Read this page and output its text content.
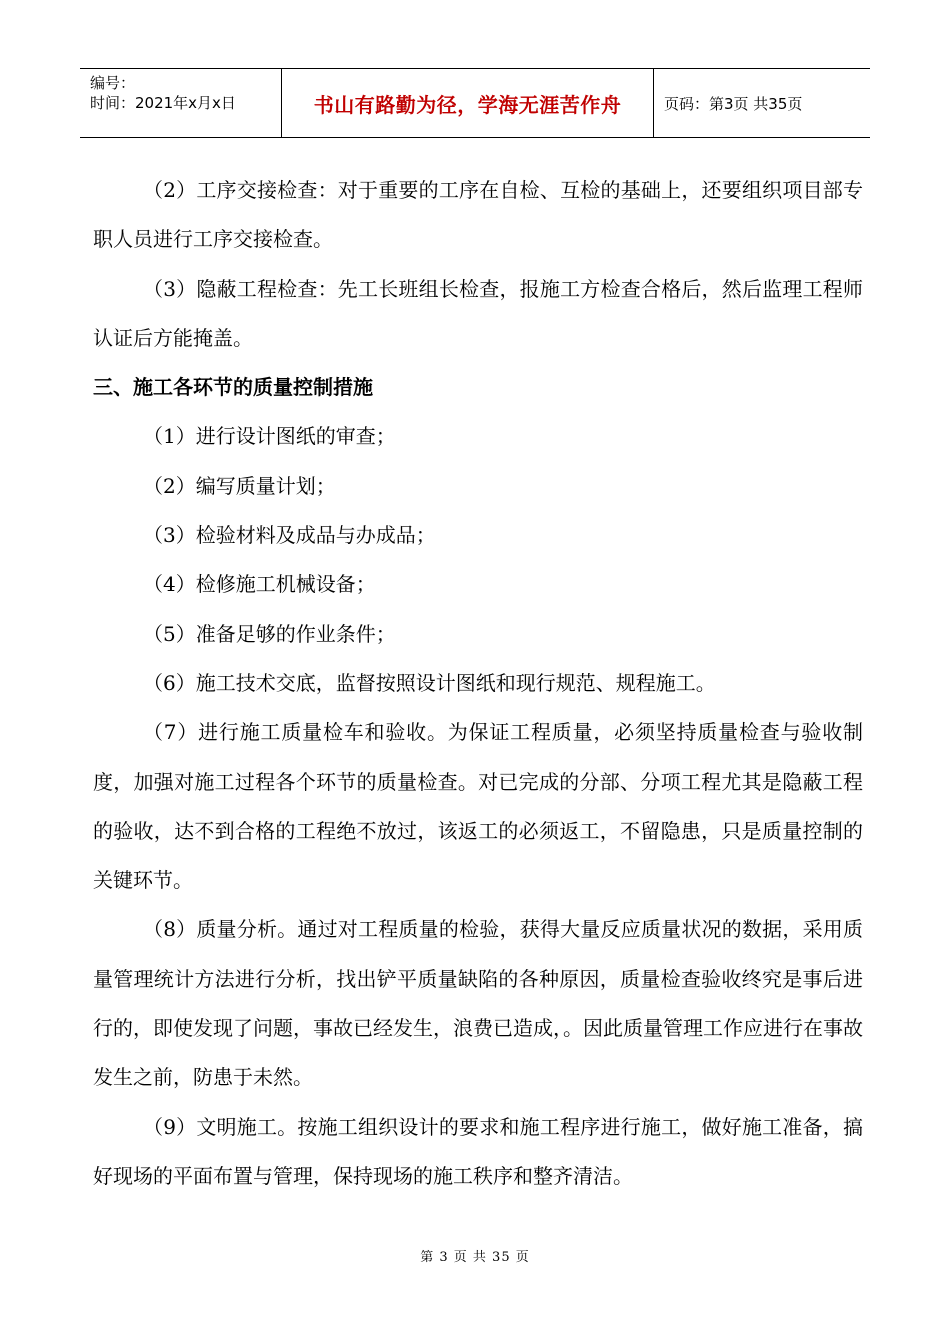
编号：
时间：2021年x月x日	书山有路勤为径，学海无涯苦作舟	页码：第3页 共35页

（2）工序交接检查：对于重要的工序在自检、互检的基础上，还要组织项目部专职人员进行工序交接检查。

（3）隐蔽工程检查：先工长班组长检查，报施工方检查合格后，然后监理工程师认证后方能掩盖。

三、施工各环节的质量控制措施

（1）进行设计图纸的审查；

（2）编写质量计划；

（3）检验材料及成品与办成品；

（4）检修施工机械设备；

（5）准备足够的作业条件；

（6）施工技术交底，监督按照设计图纸和现行规范、规程施工。

（7）进行施工质量检车和验收。为保证工程质量，必须坚持质量检查与验收制度，加强对施工过程各个环节的质量检查。对已完成的分部、分项工程尤其是隐蔽工程的验收，达不到合格的工程绝不放过，该返工的必须返工，不留隐患，只是质量控制的关键环节。

（8）质量分析。通过对工程质量的检验，获得大量反应质量状况的数据，采用质量管理统计方法进行分析，找出铲平质量缺陷的各种原因，质量检查验收终究是事后进行的，即使发现了问题，事故已经发生，浪费已造成，。因此质量管理工作应进行在事故发生之前，防患于未然。

（9）文明施工。按施工组织设计的要求和施工程序进行施工，做好施工准备，搞好现场的平面布置与管理，保持现场的施工秩序和整齐清洁。

第 3 页 共 35 页
